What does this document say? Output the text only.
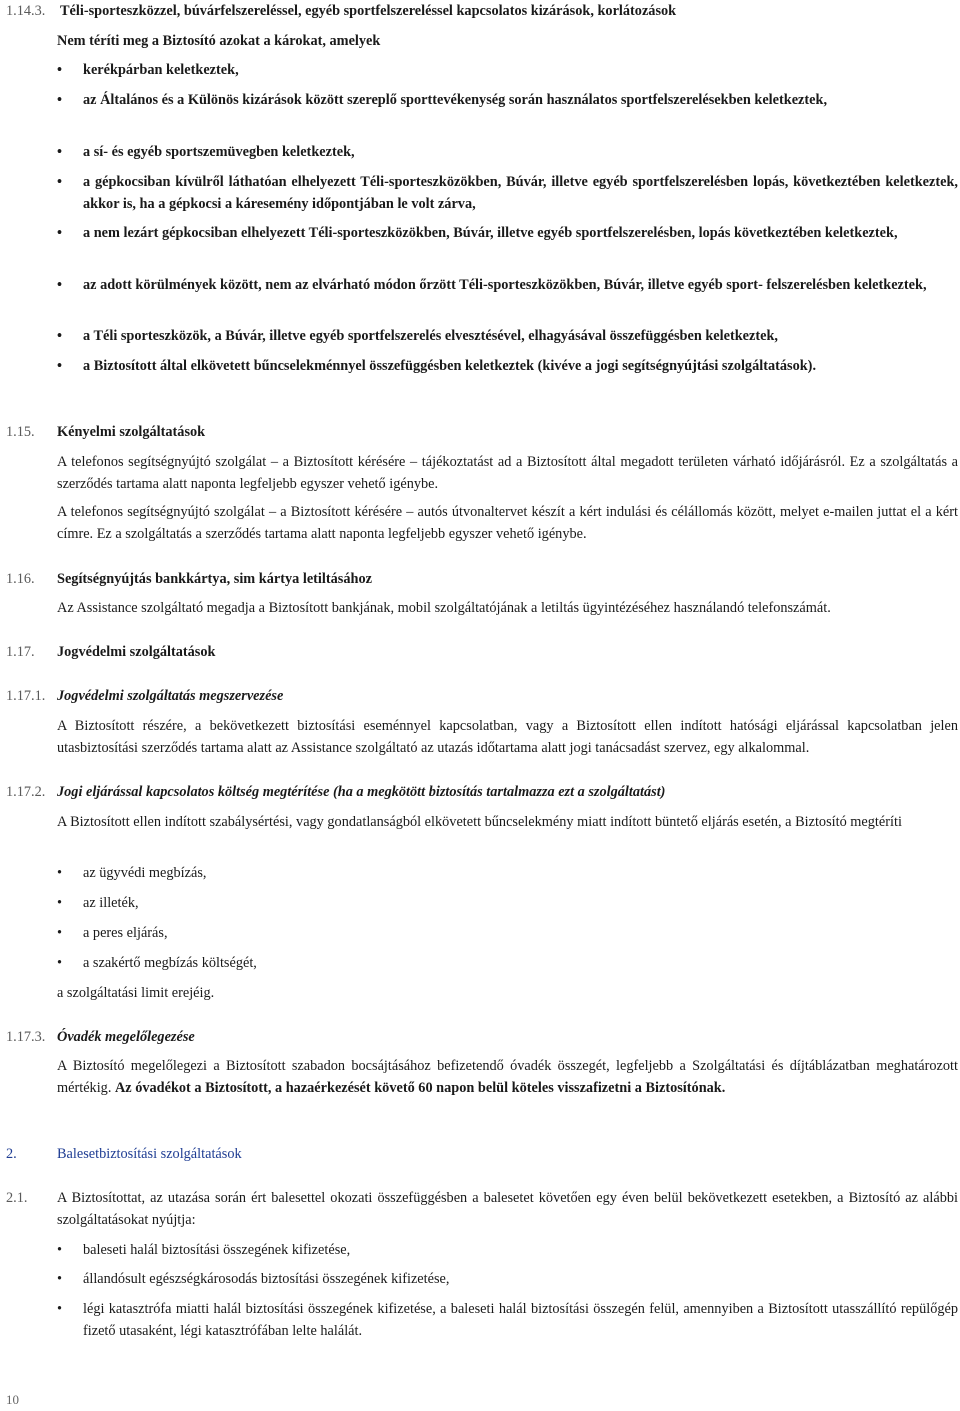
1.14.3. Téli-sporteszközzel, búvárfelszereléssel, egyéb sportfelszereléssel kapcsolatos kizárások, korlátozások
Nem téríti meg a Biztosító azokat a károkat, amelyek
• kerékpárban keletkeztek,
• az Általános és a Különös kizárások között szereplő sporttevékenység során használatos sportfelszerelésekben keletkeztek,
• a sí- és egyéb sportszemüvegben keletkeztek,
• a gépkocsiban kívülről láthatóan elhelyezett Téli-sporteszközökben, Búvár, illetve egyéb sportfelszerelésben lopás, következtében keletkeztek, akkor is, ha a gépkocsi a káresemény időpontjában le volt zárva,
• a nem lezárt gépkocsiban elhelyezett Téli-sporteszközökben, Búvár, illetve egyéb sportfelszerelésben, lopás következtében keletkeztek,
• az adott körülmények között, nem az elvárható módon őrzött Téli-sporteszközökben, Búvár, illetve egyéb sport- felszerelésben keletkeztek,
• a Téli sporteszközök, a Búvár, illetve egyéb sportfelszerelés elvesztésével, elhagyásával összefüggésben keletkeztek,
• a Biztosított által elkövetett bűncselekménnyel összefüggésben keletkeztek (kivéve a jogi segítségnyújtási szolgáltatások).
1.15. Kényelmi szolgáltatások
A telefonos segítségnyújtó szolgálat – a Biztosított kérésére – tájékoztatást ad a Biztosított által megadott területen várható időjárásról. Ez a szolgáltatás a szerződés tartama alatt naponta legfeljebb egyszer vehető igénybe.
A telefonos segítségnyújtó szolgálat – a Biztosított kérésére – autós útvonaltervet készít a kért indulási és célállomás között, melyet e-mailen juttat el a kért címre. Ez a szolgáltatás a szerződés tartama alatt naponta legfeljebb egyszer vehető igénybe.
1.16. Segítségnyújtás bankkártya, sim kártya letiltásához
Az Assistance szolgáltató megadja a Biztosított bankjának, mobil szolgáltatójának a letiltás ügyintézéséhez használandó telefonszámát.
1.17. Jogvédelmi szolgáltatások
1.17.1. Jogvédelmi szolgáltatás megszervezése
A Biztosított részére, a bekövetkezett biztosítási eseménnyel kapcsolatban, vagy a Biztosított ellen indított hatósági eljárással kapcsolatban jelen utasbiztosítási szerződés tartama alatt az Assistance szolgáltató az utazás időtartama alatt jogi tanácsadást szervez, egy alkalommal.
1.17.2. Jogi eljárással kapcsolatos költség megtérítése (ha a megkötött biztosítás tartalmazza ezt a szolgáltatást)
A Biztosított ellen indított szabálysértési, vagy gondatlanságból elkövetett bűncselekmény miatt indított büntető eljárás esetén, a Biztosító megtéríti
• az ügyvédi megbízás,
• az illeték,
• a peres eljárás,
• a szakértő megbízás költségét,
a szolgáltatási limit erejéig.
1.17.3. Óvadék megelőlegezése
A Biztosító megelőlegezi a Biztosított szabadon bocsájtásához befizetendő óvadék összegét, legfeljebb a Szolgáltatási és díjtáblázatban meghatározott mértékig. Az óvadékot a Biztosított, a hazaérkezését követő 60 napon belül köteles visszafizetni a Biztosítónak.
2.	Balesetbiztosítási szolgáltatások
2.1. A Biztosítottat, az utazása során ért balesettel okozati összefüggésben a balesetet követően egy éven belül bekövetkezett esetekben, a Biztosító az alábbi szolgáltatásokat nyújtja:
• baleseti halál biztosítási összegének kifizetése,
• állandósult egészségkárosodás biztosítási összegének kifizetése,
• légi katasztrófa miatti halál biztosítási összegének kifizetése, a baleseti halál biztosítási összegén felül, amennyiben a Biztosított utasszállító repülőgép fizető utasaként, légi katasztrófában lelte halálát.
10
